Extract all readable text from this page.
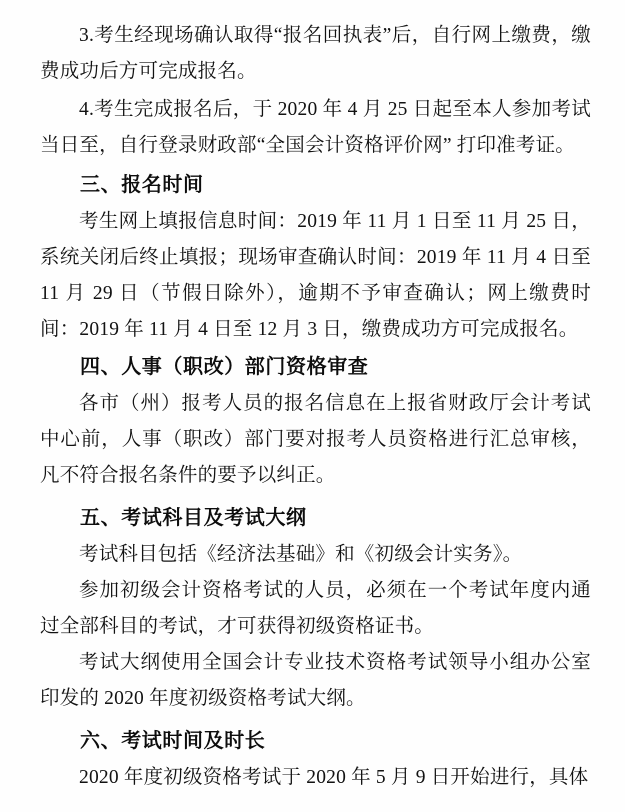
3.考生经现场确认取得“报名回执表”后，自行网上缴费，缴费成功后方可完成报名。

4.考生完成报名后，于 2020 年 4 月 25 日起至本人参加考试当日至，自行登录财政部“全国会计资格评价网” 打印准考证。

三、报名时间

考生网上填报信息时间：2019 年 11 月 1 日至 11 月 25 日，系统关闭后终止填报；现场审查确认时间：2019 年 11 月 4 日至 11 月 29 日（节假日除外），逾期不予审查确认；网上缴费时间：2019 年 11 月 4 日至 12 月 3 日，缴费成功方可完成报名。

四、人事（职改）部门资格审查

各市（州）报考人员的报名信息在上报省财政厅会计考试中心前，人事（职改）部门要对报考人员资格进行汇总审核，凡不符合报名条件的要予以纠正。

五、考试科目及考试大纲

考试科目包括《经济法基础》和《初级会计实务》。

参加初级会计资格考试的人员，必须在一个考试年度内通过全部科目的考试，才可获得初级资格证书。

考试大纲使用全国会计专业技术资格考试领导小组办公室印发的 2020 年度初级资格考试大纲。

六、考试时间及时长

2020 年度初级资格考试于 2020 年 5 月 9 日开始进行，具体
